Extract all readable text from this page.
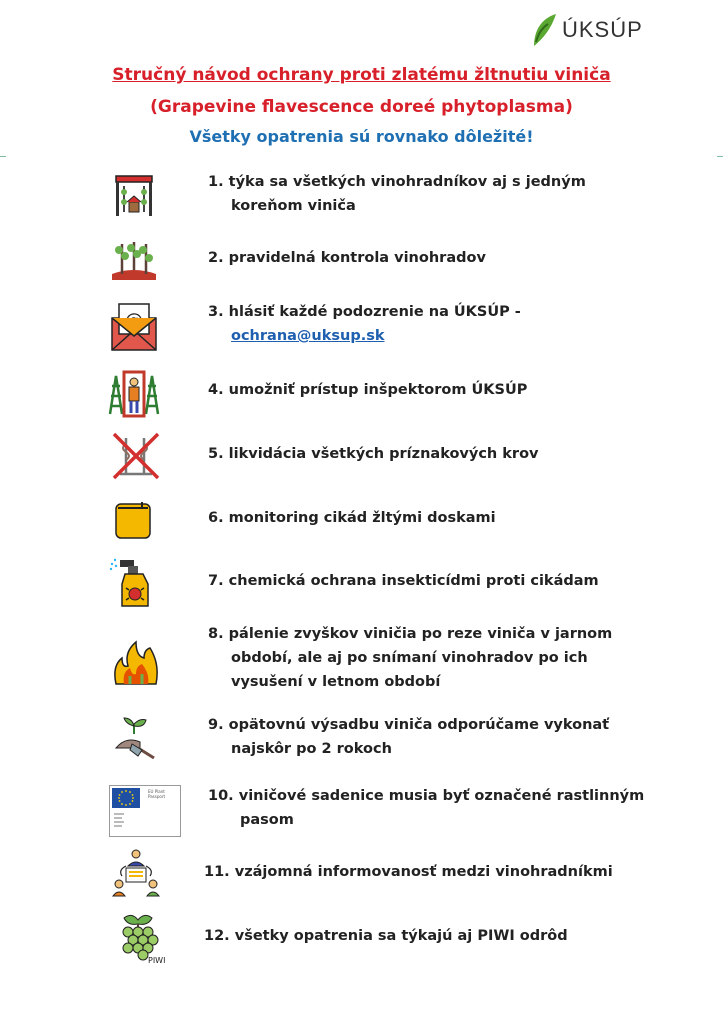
ÚKSÚP
Stručný návod ochrany proti zlatému žltnutiu viniča
(Grapevine flavescence doreé phytoplasma)
Všetky opatrenia sú rovnako dôležité!
1. týka sa všetkých vinohradníkov aj s jedným
koreňom viniča
2. pravidelná kontrola vinohradov
3. hlásiť každé podozrenie na ÚKSÚP -
ochrana@uksup.sk
4. umožniť prístup inšpektorom ÚKSÚP
5. likvidácia všetkých príznakových krov
6. monitoring cikád žltými doskami
7. chemická ochrana insekticídmi proti cikádam
8. pálenie zvyškov viničia po reze viniča v jarnom
období, ale aj po snímaní vinohradov po ich
vysušení v letnom období
9. opätovnú výsadbu viniča odporúčame vykonať
najskôr po 2 rokoch
EU Plant Passport	10. viničové sadenice musia byť označené rastlinným
pasom
11. vzájomná informovanosť medzi vinohradníkmi
PIWI
12. všetky opatrenia sa týkajú aj PIWI odrôd
